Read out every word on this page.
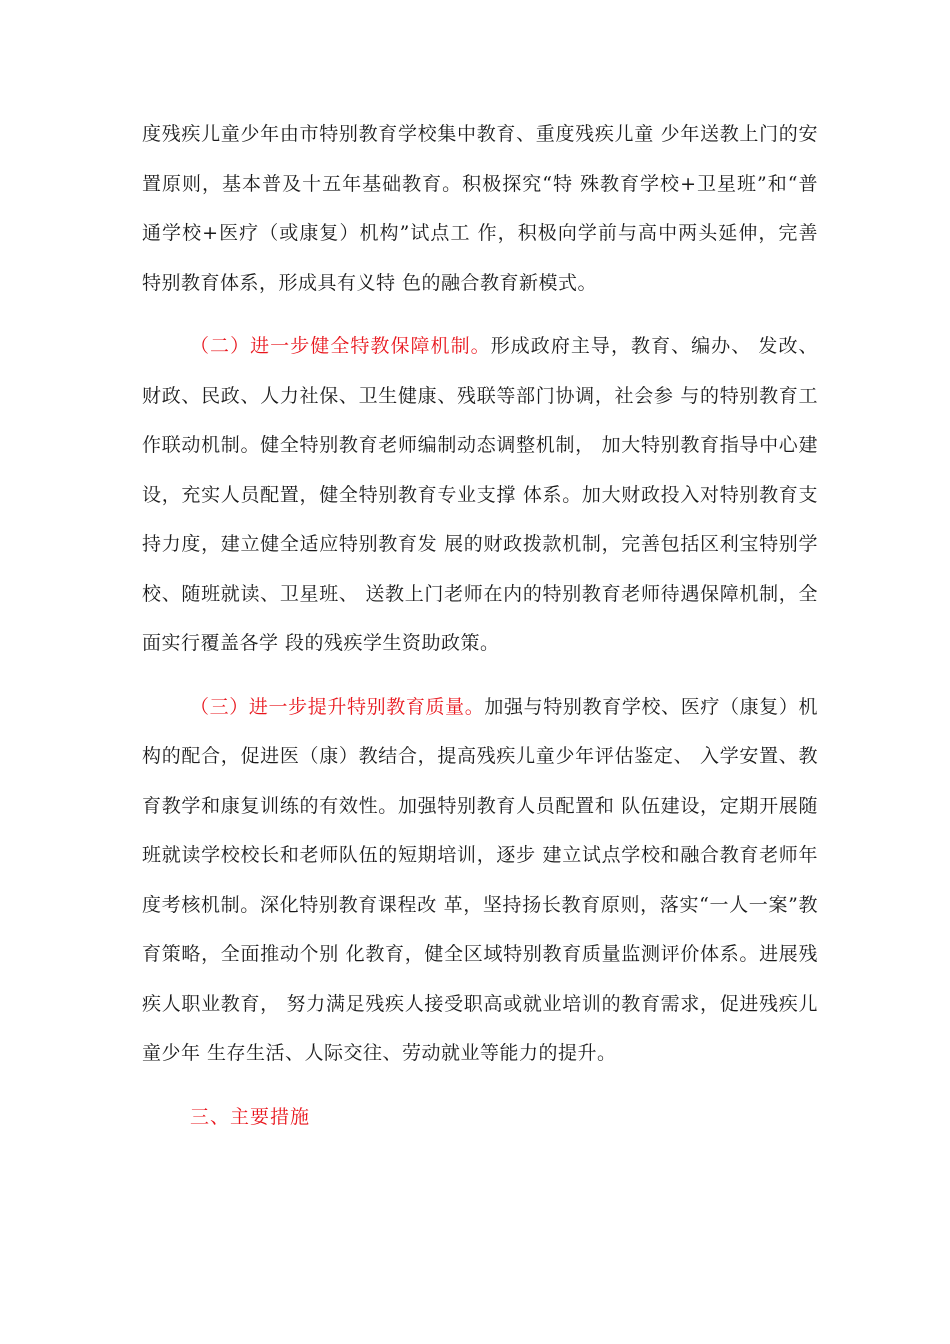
度残疾儿童少年由市特别教育学校集中教育、重度残疾儿童 少年送教上门的安置原则，基本普及十五年基础教育。积极探究“特 殊教育学校+卫星班”和“普通学校+医疗（或康复）机构”试点工 作，积极向学前与高中两头延伸，完善特别教育体系，形成具有义特 色的融合教育新模式。

（二）进一步健全特教保障机制。形成政府主导，教育、编办、 发改、财政、民政、人力社保、卫生健康、残联等部门协调，社会参 与的特别教育工作联动机制。健全特别教育老师编制动态调整机制， 加大特别教育指导中心建设，充实人员配置，健全特别教育专业支撑 体系。加大财政投入对特别教育支持力度，建立健全适应特别教育发 展的财政拨款机制，完善包括区利宝特别学校、随班就读、卫星班、 送教上门老师在内的特别教育老师待遇保障机制，全面实行覆盖各学 段的残疾学生资助政策。

（三）进一步提升特别教育质量。加强与特别教育学校、医疗（康复）机构的配合，促进医（康）教结合，提高残疾儿童少年评估鉴定、 入学安置、教育教学和康复训练的有效性。加强特别教育人员配置和 队伍建设，定期开展随班就读学校校长和老师队伍的短期培训，逐步 建立试点学校和融合教育老师年度考核机制。深化特别教育课程改 革，坚持扬长教育原则，落实“一人一案”教育策略，全面推动个别 化教育，健全区域特别教育质量监测评价体系。进展残疾人职业教育， 努力满足残疾人接受职高或就业培训的教育需求，促进残疾儿童少年 生存生活、人际交往、劳动就业等能力的提升。

三、主要措施
